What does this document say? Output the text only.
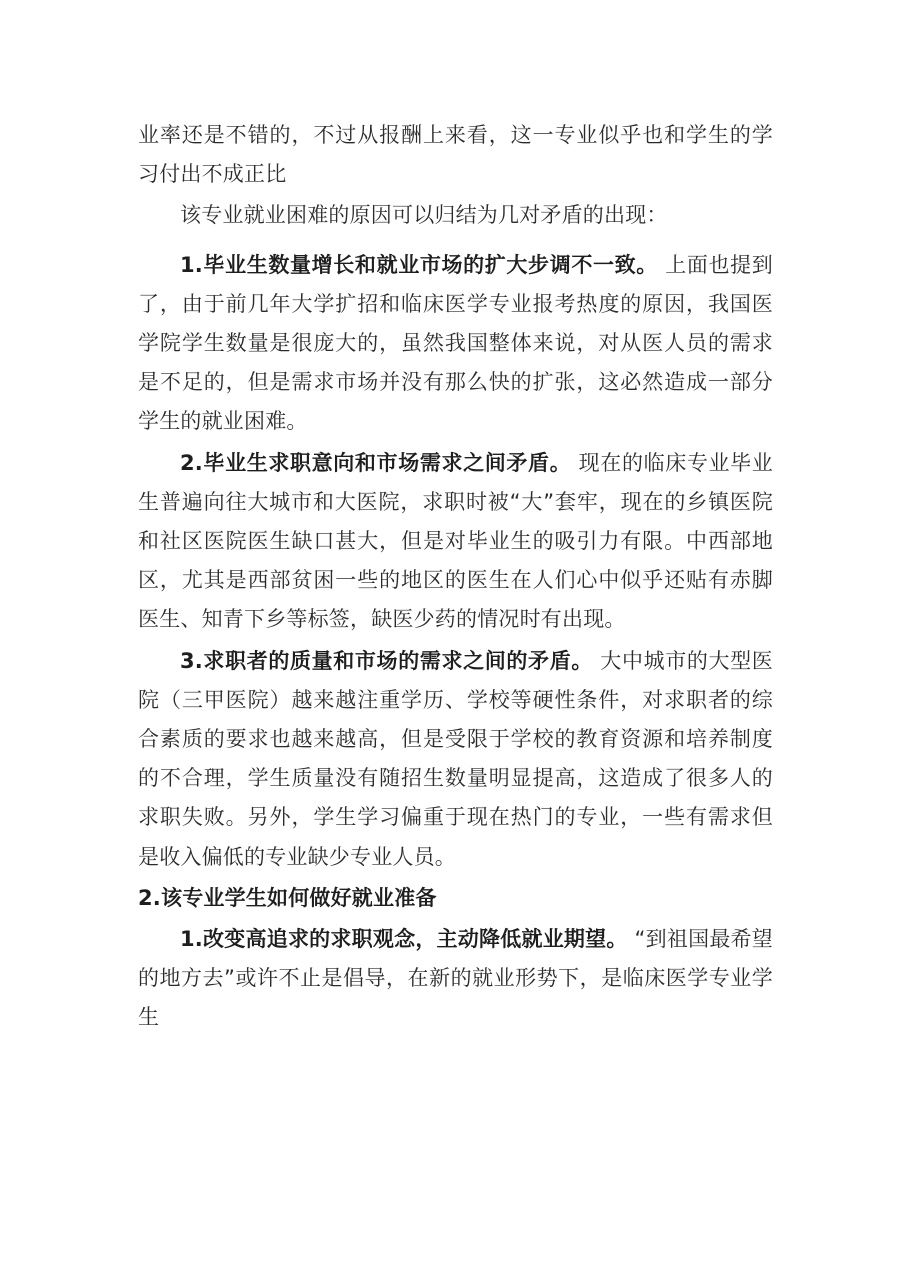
业率还是不错的，不过从报酬上来看，这一专业似乎也和学生的学习付出不成正比

该专业就业困难的原因可以归结为几对矛盾的出现：

1.毕业生数量增长和就业市场的扩大步调不一致。 上面也提到了，由于前几年大学扩招和临床医学专业报考热度的原因，我国医学院学生数量是很庞大的，虽然我国整体来说，对从医人员的需求是不足的，但是需求市场并没有那么快的扩张，这必然造成一部分学生的就业困难。

2.毕业生求职意向和市场需求之间矛盾。 现在的临床专业毕业生普遍向往大城市和大医院，求职时被“大”套牢，现在的乡镇医院和社区医院医生缺口甚大，但是对毕业生的吸引力有限。中西部地区，尤其是西部贫困一些的地区的医生在人们心中似乎还贴有赤脚医生、知青下乡等标签，缺医少药的情况时有出现。

3.求职者的质量和市场的需求之间的矛盾。 大中城市的大型医院（三甲医院）越来越注重学历、学校等硬性条件，对求职者的综合素质的要求也越来越高，但是受限于学校的教育资源和培养制度的不合理，学生质量没有随招生数量明显提高，这造成了很多人的求职失败。另外，学生学习偏重于现在热门的专业，一些有需求但是收入偏低的专业缺少专业人员。

2.该专业学生如何做好就业准备

1.改变高追求的求职观念，主动降低就业期望。 “到祖国最希望的地方去”或许不止是倡导，在新的就业形势下，是临床医学专业学生
